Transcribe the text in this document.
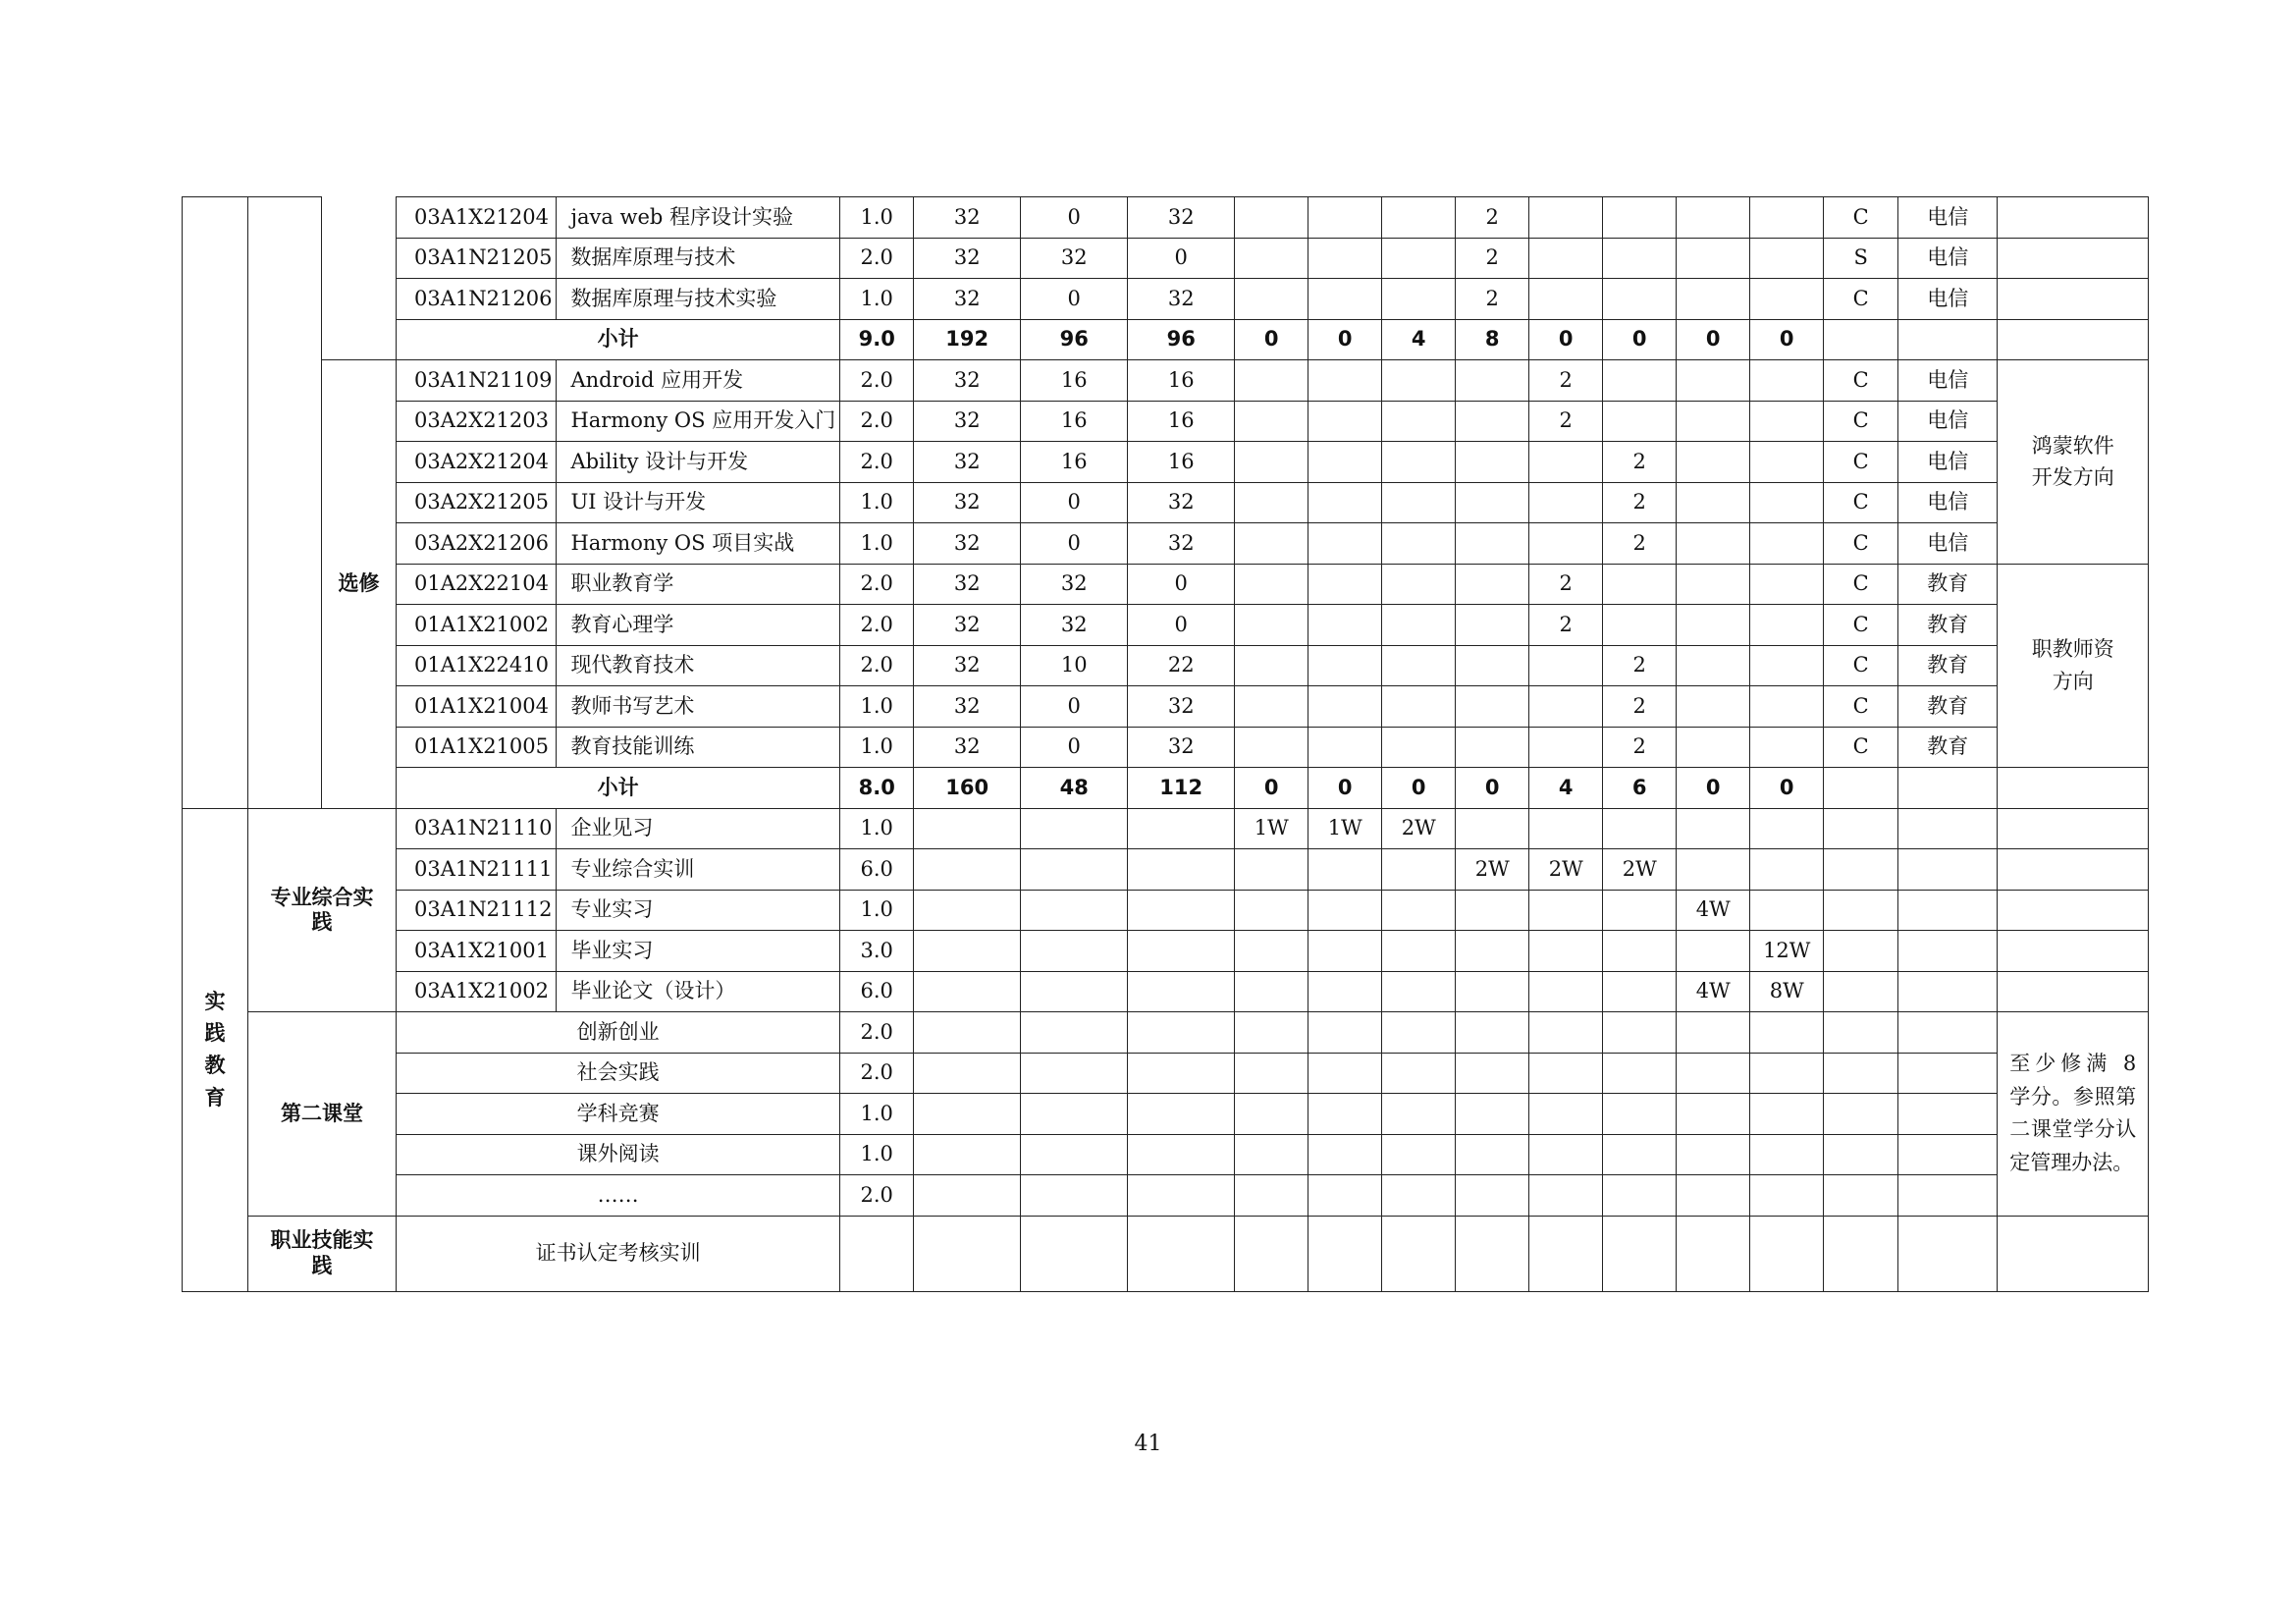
			03A1X21204	java web 程序设计实验	1.0	32	0	32				2					C	电信	
			03A1N21205	数据库原理与技术	2.0	32	32	0				2					S	电信	
			03A1N21206	数据库原理与技术实验	1.0	32	0	32				2					C	电信	
			小计		9.0	192	96	96	0	0	4	8	0	0	0	0			
		选修	03A1N21109	Android 应用开发	2.0	32	16	16					2				C	电信	鸿蒙软件开发方向
			03A2X21203	Harmony OS 应用开发入门	2.0	32	16	16					2				C	电信	
			03A2X21204	Ability 设计与开发	2.0	32	16	16						2			C	电信	
			03A2X21205	UI 设计与开发	1.0	32	0	32						2			C	电信	
			03A2X21206	Harmony OS 项目实战	1.0	32	0	32						2			C	电信	
			01A2X22104	职业教育学	2.0	32	32	0					2				C	教育	职教师资方向
			01A1X21002	教育心理学	2.0	32	32	0					2				C	教育	
			01A1X22410	现代教育技术	2.0	32	10	22						2			C	教育	
			01A1X21004	教师书写艺术	1.0	32	0	32						2			C	教育	
			01A1X21005	教育技能训练	1.0	32	0	32						2			C	教育	
			小计		8.0	160	48	112	0	0	0	0	4	6	0	0			
实践教育	专业综合实践		03A1N21110	企业见习	1.0				1W	1W	2W								
			03A1N21111	专业综合实训	6.0							2W	2W	2W					
			03A1N21112	专业实习	1.0										4W				
			03A1X21001	毕业实习	3.0											12W			
			03A1X21002	毕业论文（设计）	6.0										4W	8W			
	第二课堂		创新创业		2.0														至少修满 8 学分。参照第二课堂学分认定管理办法。
			社会实践		2.0														
			学科竞赛		1.0														
			课外阅读		1.0														
			……		2.0														
	职业技能实践		证书认定考核实训																
41
